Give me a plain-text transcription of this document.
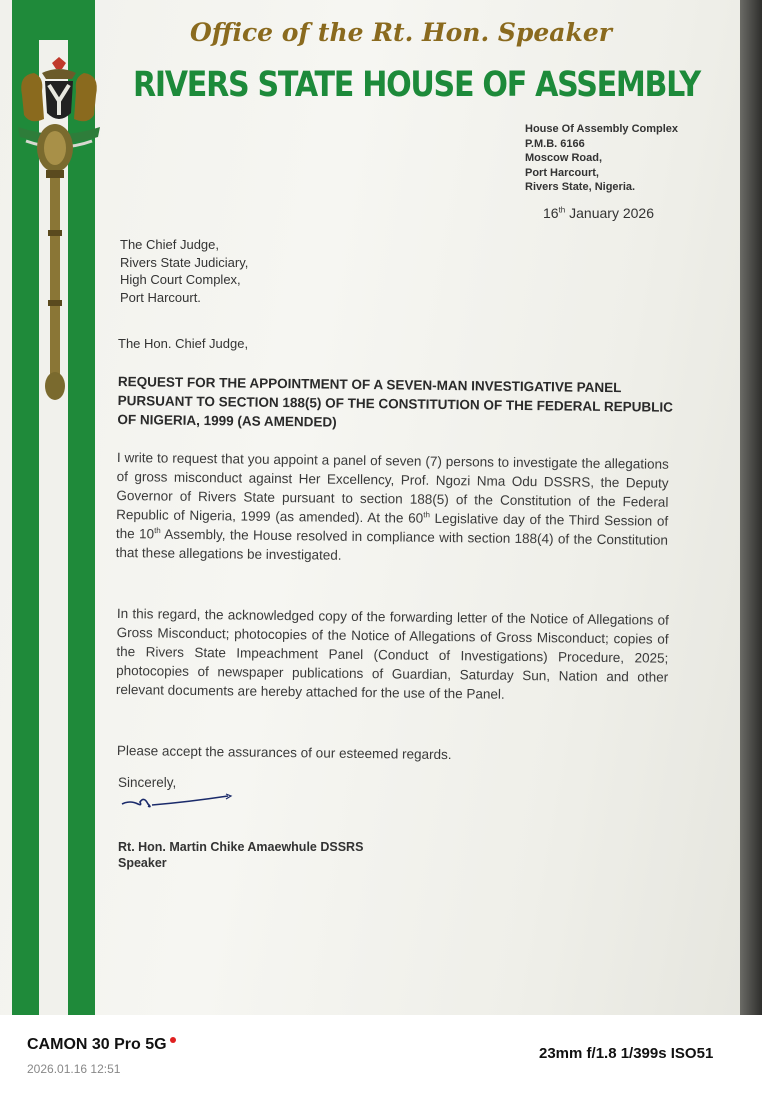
Office of the Rt. Hon. Speaker
RIVERS STATE HOUSE OF ASSEMBLY
House Of Assembly Complex
P.M.B. 6166
Moscow Road,
Port Harcourt,
Rivers State, Nigeria.
16th January 2026
The Chief Judge,
Rivers State Judiciary,
High Court Complex,
Port Harcourt.
The Hon. Chief Judge,
REQUEST FOR THE APPOINTMENT OF A SEVEN-MAN INVESTIGATIVE PANEL PURSUANT TO SECTION 188(5) OF THE CONSTITUTION OF THE FEDERAL REPUBLIC OF NIGERIA, 1999 (AS AMENDED)
I write to request that you appoint a panel of seven (7) persons to investigate the allegations of gross misconduct against Her Excellency, Prof. Ngozi Nma Odu DSSRS, the Deputy Governor of Rivers State pursuant to section 188(5) of the Constitution of the Federal Republic of Nigeria, 1999 (as amended). At the 60th Legislative day of the Third Session of the 10th Assembly, the House resolved in compliance with section 188(4) of the Constitution that these allegations be investigated.
In this regard, the acknowledged copy of the forwarding letter of the Notice of Allegations of Gross Misconduct; photocopies of the Notice of Allegations of Gross Misconduct; copies of the Rivers State Impeachment Panel (Conduct of Investigations) Procedure, 2025; photocopies of newspaper publications of Guardian, Saturday Sun, Nation and other relevant documents are hereby attached for the use of the Panel.
Please accept the assurances of our esteemed regards.
Sincerely,
Rt. Hon. Martin Chike Amaewhule DSSRS
Speaker
CAMON 30 Pro 5G
2026.01.16 12:51
23mm f/1.8 1/399s ISO51
